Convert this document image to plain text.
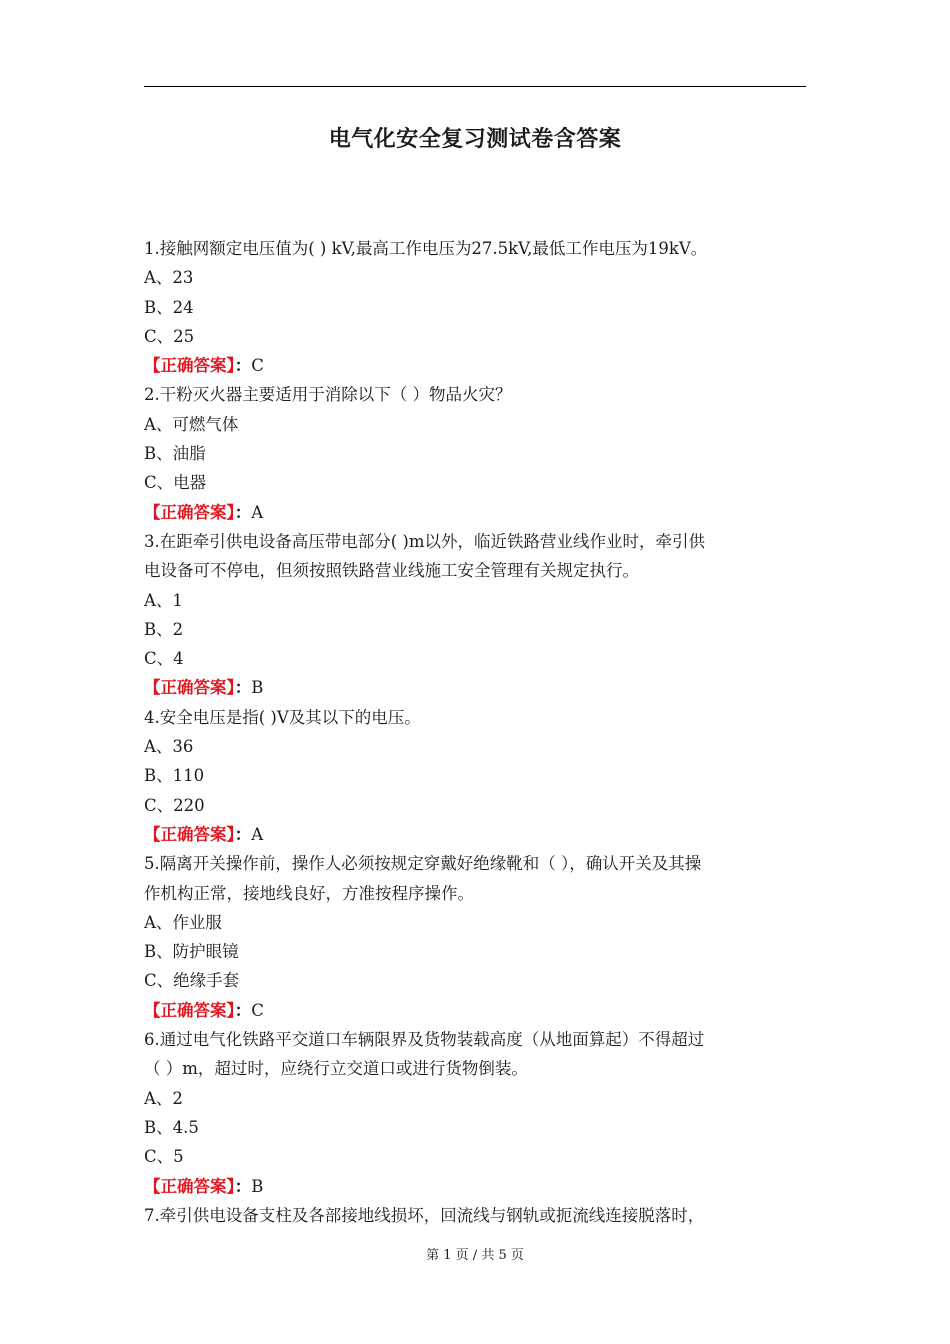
电气化安全复习测试卷含答案
1.接触网额定电压值为( ) kV,最高工作电压为27.5kV,最低工作电压为19kV。
A、23
B、24
C、25
【正确答案】：C
2.干粉灭火器主要适用于消除以下（ ）物品火灾？
A、可燃气体
B、油脂
C、电器
【正确答案】：A
3.在距牵引供电设备高压带电部分( )m以外，临近铁路营业线作业时，牵引供
电设备可不停电，但须按照铁路营业线施工安全管理有关规定执行。
A、1
B、2
C、4
【正确答案】：B
4.安全电压是指( )V及其以下的电压。
A、36
B、110
C、220
【正确答案】：A
5.隔离开关操作前，操作人必须按规定穿戴好绝缘靴和（ ），确认开关及其操
作机构正常，接地线良好，方准按程序操作。
A、作业服
B、防护眼镜
C、绝缘手套
【正确答案】：C
6.通过电气化铁路平交道口车辆限界及货物装载高度（从地面算起）不得超过
（ ）m，超过时，应绕行立交道口或进行货物倒装。
A、2
B、4.5
C、5
【正确答案】：B
7.牵引供电设备支柱及各部接地线损坏，回流线与钢轨或扼流线连接脱落时，
第 1 页 / 共 5 页
